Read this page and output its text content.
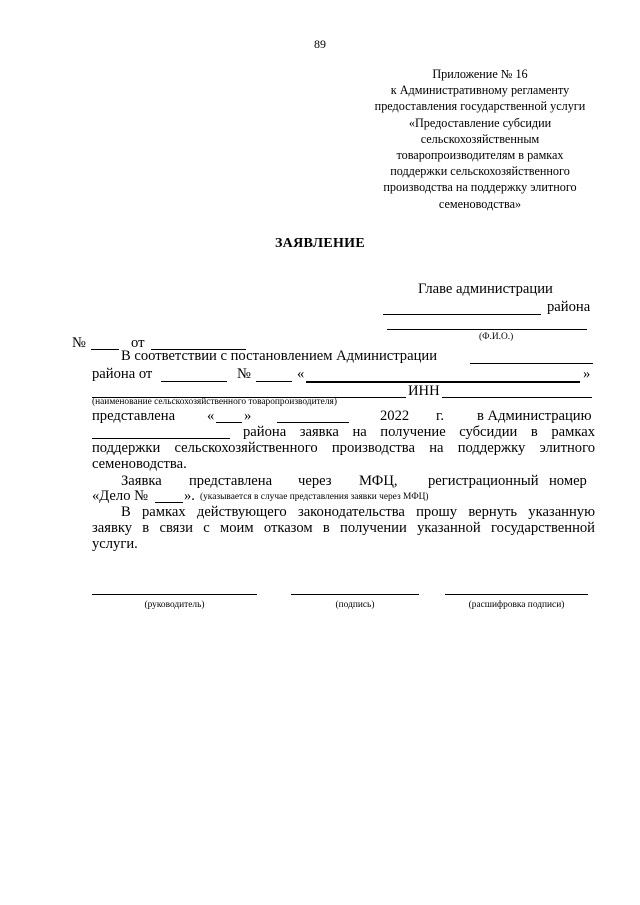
89
Приложение № 16
к Административному регламенту
предоставления государственной услуги
«Предоставление субсидии
сельскохозяйственным
товаропроизводителям в рамках
поддержки сельскохозяйственного
производства на поддержку элитного
семеноводства»
ЗАЯВЛЕНИЕ
Главе администрации
района
(Ф.И.О.)
№	от
В соответствии с постановлением Администрации
района от	№	«	»
ИНН
(наименование сельскохозяйственного товаропроизводителя)
представлена « »	2022 г. в Администрацию
района заявка на получение субсидии в рамках
поддержки сельскохозяйственного производства на поддержку элитного
семеноводства.
Заявка представлена через МФЦ, регистрационный номер
«Дело № ». (указывается в случае представления заявки через МФЦ)
В рамках действующего законодательства прошу вернуть указанную
заявку в связи с моим отказом в получении указанной государственной
услуги.
(руководитель)	(подпись)	(расшифровка подписи)
